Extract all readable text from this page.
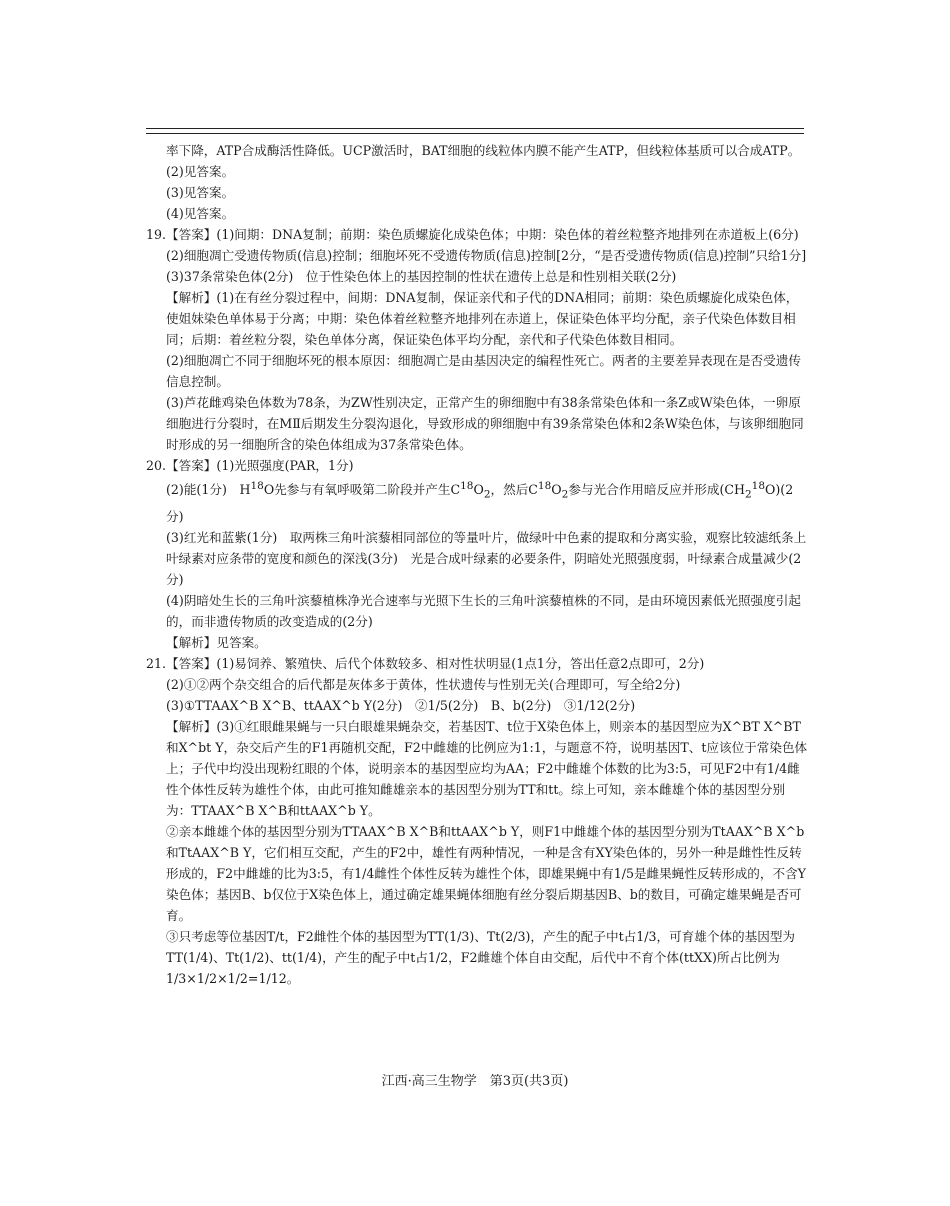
率下降，ATP合成酶活性降低。UCP激活时，BAT细胞的线粒体内膜不能产生ATP，但线粒体基质可以合成ATP。

(2)见答案。

(3)见答案。

(4)见答案。

19.【答案】(1)间期：DNA复制；前期：染色质螺旋化成染色体；中期：染色体的着丝粒整齐地排列在赤道板上(6分)

(2)细胞凋亡受遗传物质(信息)控制；细胞坏死不受遗传物质(信息)控制[2分，“是否受遗传物质(信息)控制”只给1分]

(3)37条常染色体(2分)　位于性染色体上的基因控制的性状在遗传上总是和性别相关联(2分)

【解析】(1)在有丝分裂过程中，间期：DNA复制，保证亲代和子代的DNA相同；前期：染色质螺旋化成染色体，使姐妹染色单体易于分离；中期：染色体着丝粒整齐地排列在赤道上，保证染色体平均分配，亲子代染色体数目相同；后期：着丝粒分裂，染色单体分离，保证染色体平均分配，亲代和子代染色体数目相同。

(2)细胞凋亡不同于细胞坏死的根本原因：细胞凋亡是由基因决定的编程性死亡。两者的主要差异表现在是否受遗传信息控制。

(3)芦花雌鸡染色体数为78条，为ZW性别决定，正常产生的卵细胞中有38条常染色体和一条Z或W染色体，一卵原细胞进行分裂时，在MⅡ后期发生分裂沟退化，导致形成的卵细胞中有39条常染色体和2条W染色体，与该卵细胞同时形成的另一细胞所含的染色体组成为37条常染色体。

20.【答案】(1)光照强度(PAR，1分)

(2)能(1分)　$H^{18}O$先参与有氧呼吸第二阶段并产生$C^{18}O_2$，然后$C^{18}O_2$参与光合作用暗反应并形成$(CH_2^{18}O)(2$分)

(3)红光和蓝紫(1分)　取两株三角叶滨藜相同部位的等量叶片，做绿叶中色素的提取和分离实验，观察比较滤纸条上叶绿素对应条带的宽度和颜色的深浅(3分)　光是合成叶绿素的必要条件，阴暗处光照强度弱，叶绿素合成量减少(2分)

(4)阴暗处生长的三角叶滨藜植株净光合速率与光照下生长的三角叶滨藜植株的不同，是由环境因素低光照强度引起的，而非遗传物质的改变造成的(2分)

【解析】见答案。

21.【答案】(1)易饲养、繁殖快、后代个体数较多、相对性状明显(1点1分，答出任意2点即可，2分)

(2)①②两个杂交组合的后代都是灰体多于黄体，性状遗传与性别无关(合理即可，写全给2分)

(3)①TTAAX^B X^B、ttAAX^b Y(2分)　②1/5(2分)　B、b(2分)　③1/12(2分)

【解析】(3)①红眼雌果蝇与一只白眼雄果蝇杂交，若基因T、t位于X染色体上，则亲本的基因型应为X^BT X^BT和X^bt Y，杂交后产生的F1再随机交配，F2中雌雄的比例应为1:1，与题意不符，说明基因T、t应该位于常染色体上；子代中均没出现粉红眼的个体，说明亲本的基因型应均为AA；F2中雌雄个体数的比为3:5，可见F2中有1/4雌性个体性反转为雄性个体，由此可推知雌雄亲本的基因型分别为TT和tt。综上可知，亲本雌雄个体的基因型分别为：TTAAX^B X^B和ttAAX^b Y。

②亲本雌雄个体的基因型分别为TTAAX^B X^B和ttAAX^b Y，则F1中雌雄个体的基因型分别为TtAAX^B X^b和TtAAX^B Y，它们相互交配，产生的F2中，雄性有两种情况，一种是含有XY染色体的，另外一种是雌性性反转形成的，F2中雌雄的比为3:5，有1/4雌性个体性反转为雄性个体，即雄果蝇中有1/5是雌果蝇性反转形成的，不含Y染色体；基因B、b仅位于X染色体上，通过确定雄果蝇体细胞有丝分裂后期基因B、b的数目，可确定雄果蝇是否可育。

③只考虑等位基因T/t，F2雌性个体的基因型为TT(1/3)、Tt(2/3)，产生的配子中t占1/3，可育雄个体的基因型为TT(1/4)、Tt(1/2)、tt(1/4)，产生的配子中t占1/2，F2雌雄个体自由交配，后代中不育个体(ttXX)所占比例为1/3×1/2×1/2=1/12。

江西·高三生物学　第3页(共3页)
